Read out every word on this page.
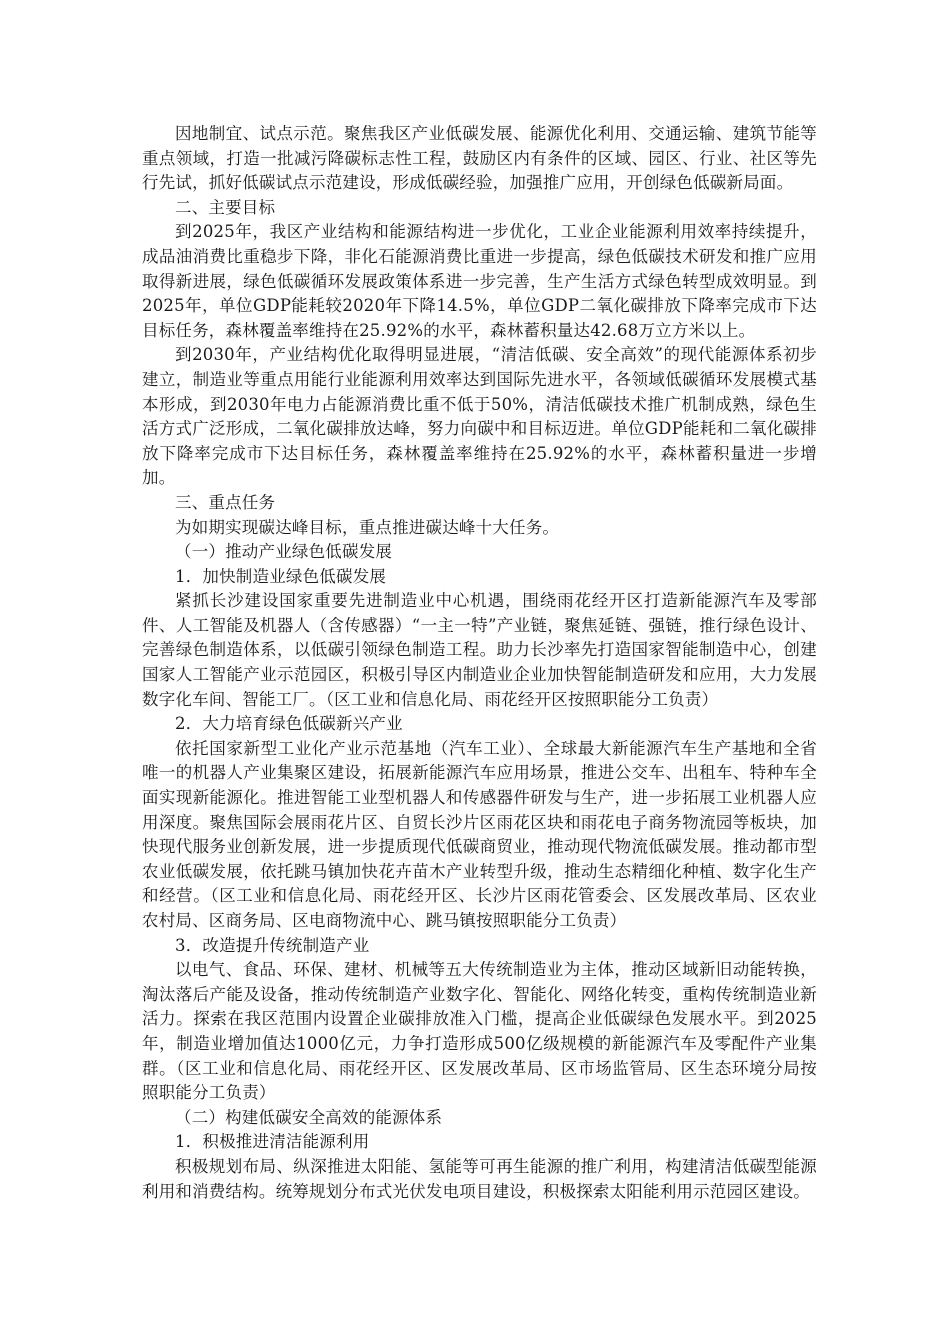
因地制宜、试点示范。聚焦我区产业低碳发展、能源优化利用、交通运输、建筑节能等重点领域，打造一批减污降碳标志性工程，鼓励区内有条件的区域、园区、行业、社区等先行先试，抓好低碳试点示范建设，形成低碳经验，加强推广应用，开创绿色低碳新局面。

二、主要目标

到2025年，我区产业结构和能源结构进一步优化，工业企业能源利用效率持续提升，成品油消费比重稳步下降，非化石能源消费比重进一步提高，绿色低碳技术研发和推广应用取得新进展，绿色低碳循环发展政策体系进一步完善，生产生活方式绿色转型成效明显。到2025年，单位GDP能耗较2020年下降14.5%，单位GDP二氧化碳排放下降率完成市下达目标任务，森林覆盖率维持在25.92%的水平，森林蓄积量达42.68万立方米以上。

到2030年，产业结构优化取得明显进展，“清洁低碳、安全高效”的现代能源体系初步建立，制造业等重点用能行业能源利用效率达到国际先进水平，各领域低碳循环发展模式基本形成，到2030年电力占能源消费比重不低于50%，清洁低碳技术推广机制成熟，绿色生活方式广泛形成，二氧化碳排放达峰，努力向碳中和目标迈进。单位GDP能耗和二氧化碳排放下降率完成市下达目标任务，森林覆盖率维持在25.92%的水平，森林蓄积量进一步增加。

三、重点任务

为如期实现碳达峰目标，重点推进碳达峰十大任务。

（一）推动产业绿色低碳发展

1．加快制造业绿色低碳发展

紧抓长沙建设国家重要先进制造业中心机遇，围绕雨花经开区打造新能源汽车及零部件、人工智能及机器人（含传感器）“一主一特”产业链，聚焦延链、强链，推行绿色设计、完善绿色制造体系，以低碳引领绿色制造工程。助力长沙率先打造国家智能制造中心，创建国家人工智能产业示范园区，积极引导区内制造业企业加快智能制造研发和应用，大力发展数字化车间、智能工厂。（区工业和信息化局、雨花经开区按照职能分工负责）

2．大力培育绿色低碳新兴产业

依托国家新型工业化产业示范基地（汽车工业）、全球最大新能源汽车生产基地和全省唯一的机器人产业集聚区建设，拓展新能源汽车应用场景，推进公交车、出租车、特种车全面实现新能源化。推进智能工业型机器人和传感器件研发与生产，进一步拓展工业机器人应用深度。聚焦国际会展雨花片区、自贸长沙片区雨花区块和雨花电子商务物流园等板块，加快现代服务业创新发展，进一步提质现代低碳商贸业，推动现代物流低碳发展。推动都市型农业低碳发展，依托跳马镇加快花卉苗木产业转型升级，推动生态精细化种植、数字化生产和经营。（区工业和信息化局、雨花经开区、长沙片区雨花管委会、区发展改革局、区农业农村局、区商务局、区电商物流中心、跳马镇按照职能分工负责）

3．改造提升传统制造产业

以电气、食品、环保、建材、机械等五大传统制造业为主体，推动区域新旧动能转换，淘汰落后产能及设备，推动传统制造产业数字化、智能化、网络化转变，重构传统制造业新活力。探索在我区范围内设置企业碳排放准入门槛，提高企业低碳绿色发展水平。到2025年，制造业增加值达1000亿元，力争打造形成500亿级规模的新能源汽车及零配件产业集群。（区工业和信息化局、雨花经开区、区发展改革局、区市场监管局、区生态环境分局按照职能分工负责）

（二）构建低碳安全高效的能源体系

1．积极推进清洁能源利用

积极规划布局、纵深推进太阳能、氢能等可再生能源的推广利用，构建清洁低碳型能源利用和消费结构。统筹规划分布式光伏发电项目建设，积极探索太阳能利用示范园区建设。
